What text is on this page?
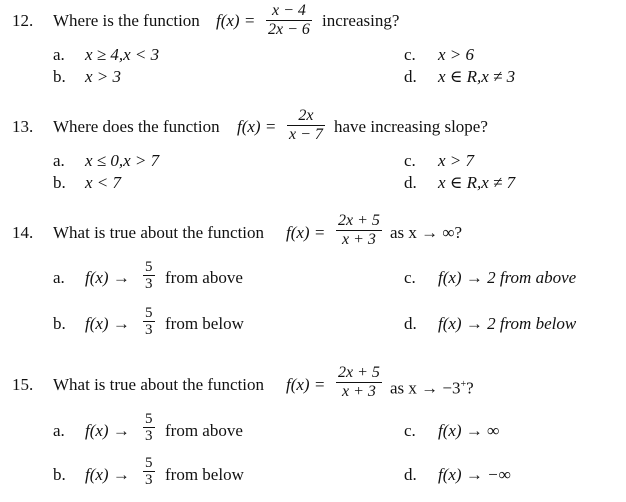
12. Where is the function $f(x) = \frac{x - 4}{2x - 6}$ increasing?
a. x ≥ 4,x < 3
b. x > 3
c. x > 6
d. x ∈ R,x ≠ 3
13. Where does the function $f(x) = \frac{2x}{x - 7}$ have increasing slope?
a. x ≤ 0,x > 7
b. x < 7
c. x > 7
d. x ∈ R,x ≠ 7
14. What is true about the function $f(x) = \frac{2x + 5}{x + 3}$ as x → ∞?
a. $f(x) \to \frac{5}{3}$ from above
b. $f(x) \to \frac{5}{3}$ from below
c. f(x) → 2 from above
d. f(x) → 2 from below
15. What is true about the function $f(x) = \frac{2x + 5}{x + 3}$ as x → −3+?
a. $f(x) \to \frac{5}{3}$ from above
b. $f(x) \to \frac{5}{3}$ from below
c. f(x) → ∞
d. f(x) → −∞
